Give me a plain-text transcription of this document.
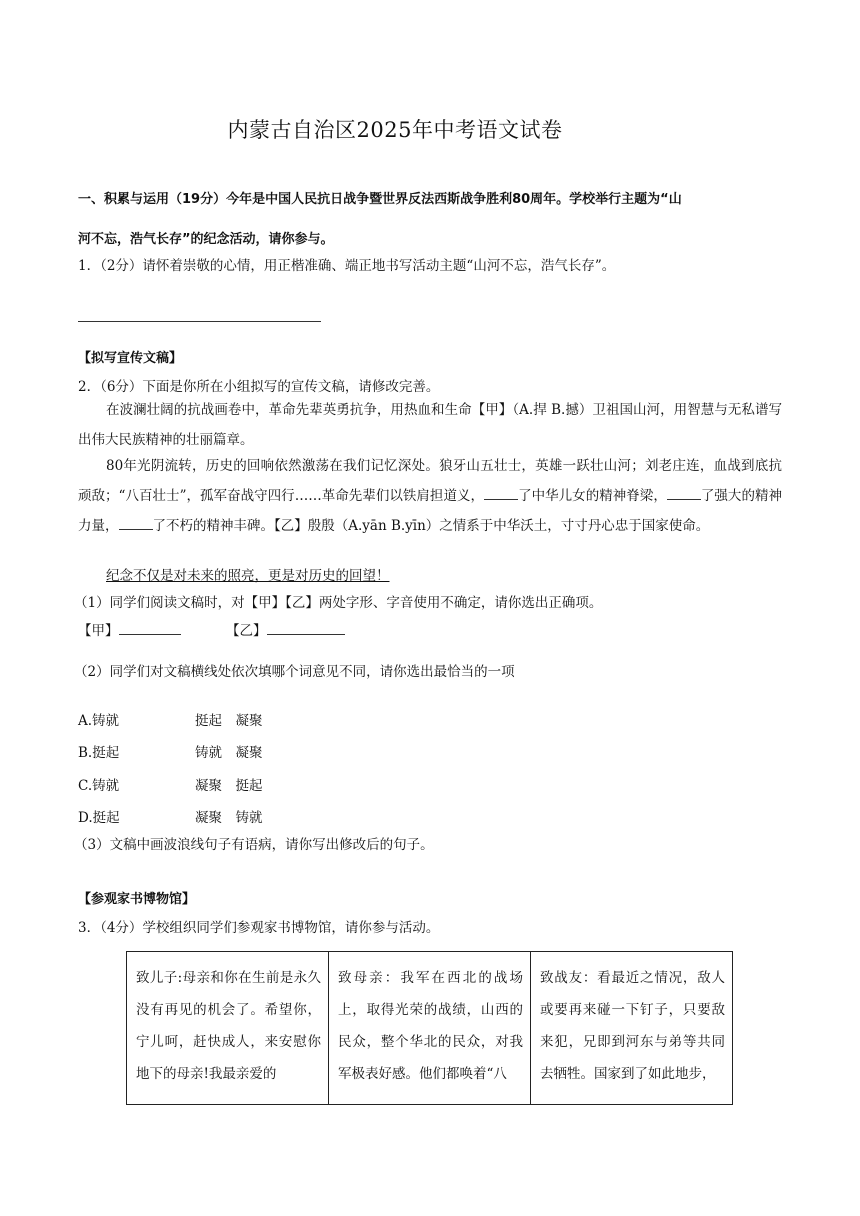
内蒙古自治区2025年中考语文试卷
一、积累与运用（19分）今年是中国人民抗日战争暨世界反法西斯战争胜利80周年。学校举行主题为“山
河不忘，浩气长存”的纪念活动，请你参与。
1．（2分）请怀着崇敬的心情，用正楷准确、端正地书写活动主题“山河不忘，浩气长存”。
【拟写宣传文稿】
2．（6分）下面是你所在小组拟写的宣传文稿，请修改完善。
在波澜壮阔的抗战画卷中，革命先辈英勇抗争，用热血和生命【甲】（A.捍 B.撼）卫祖国山河，用智慧与无私谱写出伟大民族精神的壮丽篇章。
80年光阴流转，历史的回响依然激荡在我们记忆深处。狼牙山五壮士，英雄一跃壮山河；刘老庄连，血战到底抗顽敌；“八百壮士”，孤军奋战守四行……革命先辈们以铁肩担道义，	了中华儿女的精神脊梁，	了强大的精神力量，	了不朽的精神丰碑。【乙】殷殷（A.yān B.yīn）之情系于中华沃土，寸寸丹心忠于国家使命。
纪念不仅是对未来的照亮，更是对历史的回望！
（1）同学们阅读文稿时，对【甲】【乙】两处字形、字音使用不确定，请你选出正确项。
【甲】	【乙】
（2）同学们对文稿横线处依次填哪个词意见不同，请你选出最恰当的一项
A.铸就	挺起　凝聚
B.挺起	铸就　凝聚
C.铸就	凝聚　挺起
D.挺起	凝聚　铸就
（3）文稿中画波浪线句子有语病，请你写出修改后的句子。
【参观家书博物馆】
3．（4分）学校组织同学们参观家书博物馆，请你参与活动。
致儿子:母亲和你在生前是永久没有再见的机会了。希望你，宁儿呵，赶快成人，来安慰你地下的母亲!我最亲爱的	致母亲：我军在西北的战场上，取得光荣的战绩，山西的民众，整个华北的民众，对我军极表好感。他们都唤着“八	致战友：看最近之情况，敌人或要再来碰一下钉子，只要敌来犯，兄即到河东与弟等共同去牺牲。国家到了如此地步，
